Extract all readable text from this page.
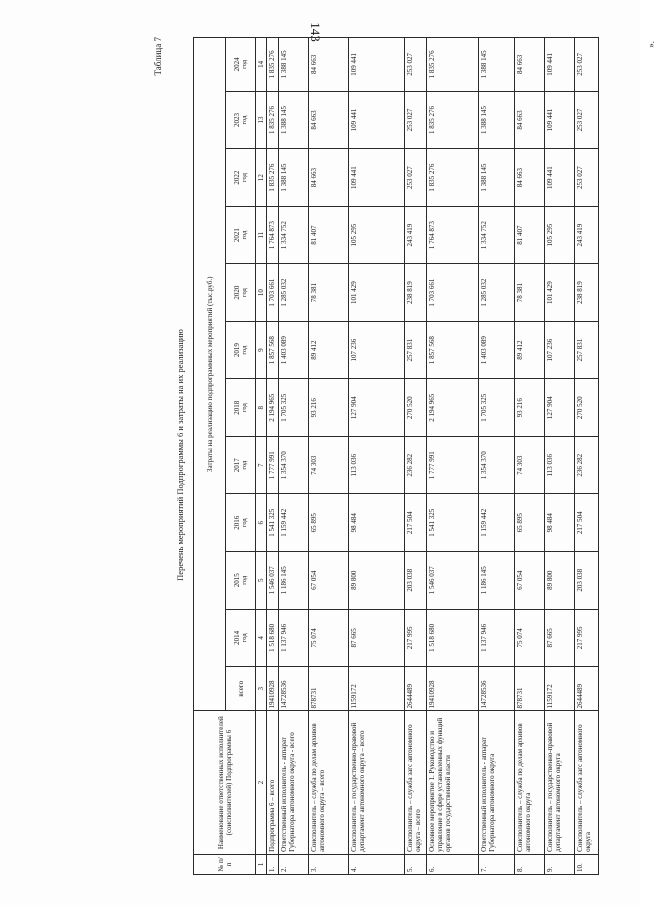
143
Таблица 7
Перечень мероприятий Подпрограммы 6 и затраты на их реализацию
№ п/п	Наименование ответственных исполнителей (соисполнителей) Подпрограммы 6	Затраты на реализацию подпрограммных мероприятий (тыс.руб.)											
		всего	2014 год	2015 год	2016 год	2017 год	2018 год	2019 год	2020 год	2021 год	2022 год	2023 год	2024 год

1	2	3	4	5	6	7	8	9	10	11	12	13	14
1.	Подпрограмма 6 – всего	19410928	1 518 680	1 546 037	1 541 325	1 777 991	2 194 965	1 857 568	1 703 661	1 764 873	1 835 276	1 835 276	1 835 276
2.	Ответственный исполнитель - аппарат Губернатора автономного округа - всего	14728536	1 137 946	1 186 145	1 159 442	1 354 370	1 705 325	1 403 089	1 285 032	1 334 752	1 388 145	1 388 145	1 388 145
3.	Соисполнитель – служба по делам архивов автономного округа – всего	878731	75 074	67 054	65 895	74 303	93 216	89 412	78 381	81 407	84 663	84 663	84 663
4.	Соисполнитель – государственно-правовой департамент автономного округа – всего	1159172	87 665	89 800	98 484	113 036	127 904	107 236	101 429	105 295	109 441	109 441	109 441
5.	Соисполнитель – служба загс автономного округа – всего	2644489	217 995	203 038	217 504	236 282	270 520	257 831	238 819	243 419	253 027	253 027	253 027
6.	Основное мероприятие 1. Руководство и управление в сфере установленных функций органов государственной власти	19410928	1 518 680	1 546 037	1 541 325	1 777 991	2 194 965	1 857 568	1 703 661	1 764 873	1 835 276	1 835 276	1 835 276
7.	Ответственный исполнитель - аппарат Губернатора автономного округа	14728536	1 137 946	1 186 145	1 159 442	1 354 370	1 705 325	1 403 089	1 285 032	1 334 752	1 388 145	1 388 145	1 388 145
8.	Соисполнитель – служба по делам архивов автономного округа	878731	75 074	67 054	65 895	74 303	93 216	89 412	78 381	81 407	84 663	84 663	84 663
9.	Соисполнитель – государственно-правовой департамент автономного округа	1159172	87 665	89 800	98 484	113 036	127 904	107 236	101 429	105 295	109 441	109 441	109 441
10.	Соисполнитель – служба загс автономного округа	2644489	217 995	203 038	217 504	236 282	270 520	257 831	238 819	243 419	253 027	253 027	253 027
».
